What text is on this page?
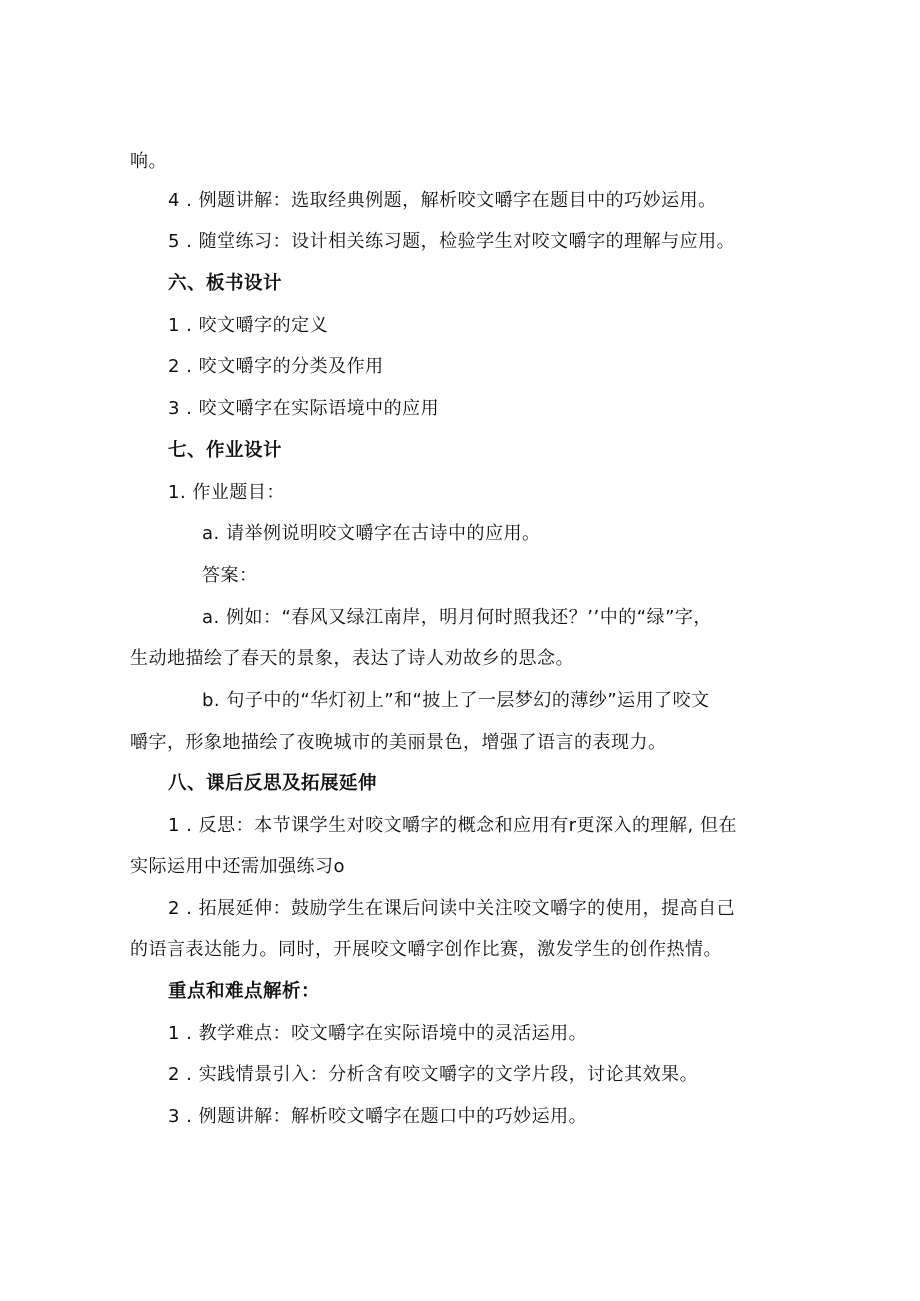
响。
4 . 例题讲解：选取经典例题，解析咬文嚼字在题目中的巧妙运用。
5 . 随堂练习：设计相关练习题，检验学生对咬文嚼字的理解与应用。
六、板书设计
1 . 咬文嚼字的定义
2 . 咬文嚼字的分类及作用
3 . 咬文嚼字在实际语境中的应用
七、作业设计
1. 作业题目：
a. 请举例说明咬文嚼字在古诗中的应用。
答案：
a. 例如：“春风又绿江南岸，明月何时照我还？’’中的“绿”字，
生动地描绘了春天的景象，表达了诗人劝故乡的思念。
b. 句子中的“华灯初上”和“披上了一层梦幻的薄纱”运用了咬文
嚼字，形象地描绘了夜晚城市的美丽景色，增强了语言的表现力。
八、课后反思及拓展延伸
1 . 反思：本节课学生对咬文嚼字的概念和应用有r更深入的理解, 但在
实际运用中还需加强练习o
2 . 拓展延伸：鼓励学生在课后问读中关注咬文嚼字的使用，提高自己
的语言表达能力。同时，开展咬文嚼字创作比赛，激发学生的创作热情。
重点和难点解析：
1 . 教学难点：咬文嚼字在实际语境中的灵活运用。
2 . 实践情景引入：分析含有咬文嚼字的文学片段，讨论其效果。
3 . 例题讲解：解析咬文嚼字在题口中的巧妙运用。
